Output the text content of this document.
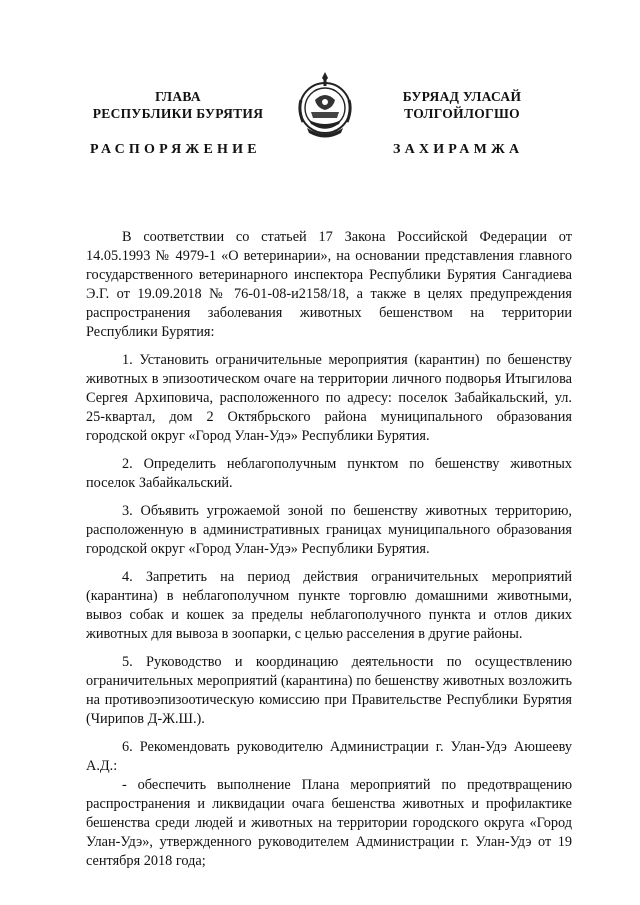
ГЛАВА
РЕСПУБЛИКИ БУРЯТИЯ
БУРЯАД УЛАСАЙ
ТОЛГОЙЛОГШО
РАСПОРЯЖЕНИЕ	ЗАХИРАМЖА

В соответствии со статьей 17 Закона Российской Федерации от 14.05.1993 № 4979-1 «О ветеринарии», на основании представления главного государственного ветеринарного инспектора Республики Бурятия Сангадиева Э.Г. от 19.09.2018 № 76-01-08-и2158/18, а также в целях предупреждения распространения заболевания животных бешенством на территории Республики Бурятия:

1. Установить ограничительные мероприятия (карантин) по бешенству животных в эпизоотическом очаге на территории личного подворья Итыгилова Сергея Архиповича, расположенного по адресу: поселок Забайкальский, ул. 25-квартал, дом 2 Октябрьского района муниципального образования городской округ «Город Улан-Удэ» Республики Бурятия.

2. Определить неблагополучным пунктом по бешенству животных поселок Забайкальский.

3. Объявить угрожаемой зоной по бешенству животных территорию, расположенную в административных границах муниципального образования городской округ «Город Улан-Удэ» Республики Бурятия.

4. Запретить на период действия ограничительных мероприятий (карантина) в неблагополучном пункте торговлю домашними животными, вывоз собак и кошек за пределы неблагополучного пункта и отлов диких животных для вывоза в зоопарки, с целью расселения в другие районы.

5. Руководство и координацию деятельности по осуществлению ограничительных мероприятий (карантина) по бешенству животных возложить на противоэпизоотическую комиссию при Правительстве Республики Бурятия (Чирипов Д-Ж.Ш.).

6. Рекомендовать руководителю Администрации г. Улан-Удэ Аюшееву А.Д.:

- обеспечить выполнение Плана мероприятий по предотвращению распространения и ликвидации очага бешенства животных и профилактике бешенства среди людей и животных на территории городского округа «Город Улан-Удэ», утвержденного руководителем Администрации г. Улан-Удэ от 19 сентября 2018 года;
